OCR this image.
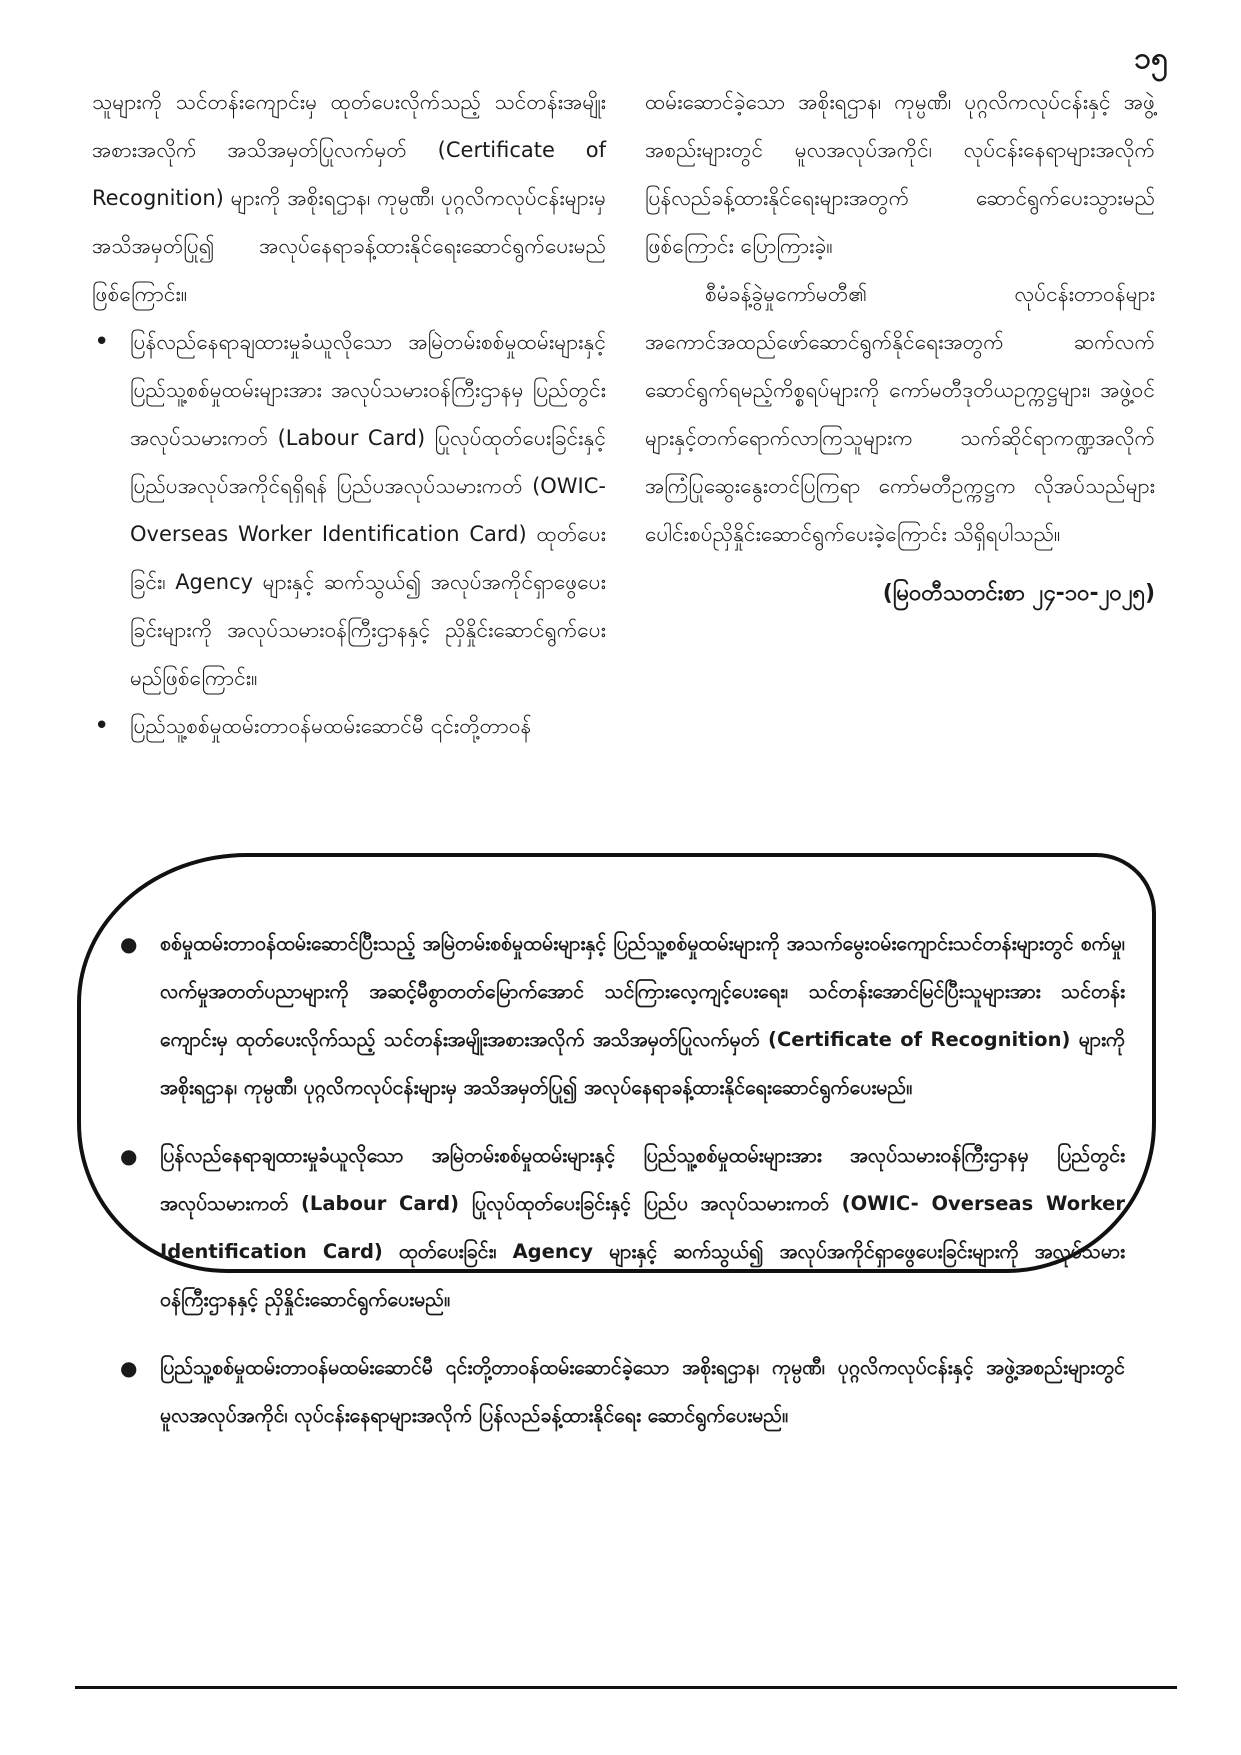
၁၅

သူများကို သင်တန်းကျောင်းမှ ထုတ်ပေးလိုက်သည့် သင်တန်းအမျိုးအစားအလိုက် အသိအမှတ်ပြုလက်မှတ် (Certificate of Recognition) များကို အစိုးရဌာန၊ ကုမ္ပဏီ၊ ပုဂ္ဂလိကလုပ်ငန်းများမှ အသိအမှတ်ပြု၍ အလုပ်နေရာခန့်ထားနိုင်ရေးဆောင်ရွက်ပေးမည်ဖြစ်ကြောင်း။

• ပြန်လည်နေရာချထားမှုခံယူလိုသော အမြဲတမ်းစစ်မှုထမ်းများနှင့် ပြည်သူ့စစ်မှုထမ်းများအား အလုပ်သမားဝန်ကြီးဌာနမှ ပြည်တွင်းအလုပ်သမားကတ် (Labour Card) ပြုလုပ်ထုတ်ပေးခြင်းနှင့် ပြည်ပအလုပ်အကိုင်ရရှိရန် ပြည်ပအလုပ်သမားကတ် (OWIC- Overseas Worker Identification Card) ထုတ်ပေးခြင်း၊ Agency များနှင့် ဆက်သွယ်၍ အလုပ်အကိုင်ရှာဖွေပေးခြင်းများကို အလုပ်သမားဝန်ကြီးဌာနနှင့် ညှိနှိုင်းဆောင်ရွက်ပေးမည်ဖြစ်ကြောင်း။
• ပြည်သူ့စစ်မှုထမ်းတာဝန်မထမ်းဆောင်မီ ၎င်းတို့တာဝန်

ထမ်းဆောင်ခဲ့သော အစိုးရဌာန၊ ကုမ္ပဏီ၊ ပုဂ္ဂလိကလုပ်ငန်းနှင့် အဖွဲ့အစည်းများတွင် မူလအလုပ်အကိုင်၊ လုပ်ငန်းနေရာများအလိုက် ပြန်လည်ခန့်ထားနိုင်ရေးများအတွက် ဆောင်ရွက်ပေးသွားမည်ဖြစ်ကြောင်း ပြောကြားခဲ့။

စီမံခန့်ခွဲမှုကော်မတီ၏ လုပ်ငန်းတာဝန်များ အကောင်အထည်ဖော်ဆောင်ရွက်နိုင်ရေးအတွက် ဆက်လက်ဆောင်ရွက်ရမည့်ကိစ္စရပ်များကို ကော်မတီဒုတိယဥက္ကဋ္ဌများ၊ အဖွဲ့ဝင်များနှင့်တက်ရောက်လာကြသူများက သက်ဆိုင်ရာကဏ္ဍအလိုက် အကြံပြုဆွေးနွေးတင်ပြကြရာ ကော်မတီဥက္ကဋ္ဌက လိုအပ်သည်များ ပေါင်းစပ်ညှိနှိုင်းဆောင်ရွက်ပေးခဲ့ကြောင်း သိရှိရပါသည်။

(မြဝတီသတင်းစာ ၂၄-၁၀-၂၀၂၅)
● စစ်မှုထမ်းတာဝန်ထမ်းဆောင်ပြီးသည့် အမြဲတမ်းစစ်မှုထမ်းများနှင့် ပြည်သူ့စစ်မှုထမ်းများကို အသက်မွေးဝမ်းကျောင်းသင်တန်းများတွင် စက်မှု၊ လက်မှုအတတ်ပညာများကို အဆင့်မီစွာတတ်မြောက်အောင် သင်ကြားလေ့ကျင့်ပေးရေး၊ သင်တန်းအောင်မြင်ပြီးသူများအား သင်တန်းကျောင်းမှ ထုတ်ပေးလိုက်သည့် သင်တန်းအမျိုးအစားအလိုက် အသိအမှတ်ပြုလက်မှတ် (Certificate of Recognition) များကို အစိုးရဌာန၊ ကုမ္ပဏီ၊ ပုဂ္ဂလိကလုပ်ငန်းများမှ အသိအမှတ်ပြု၍ အလုပ်နေရာခန့်ထားနိုင်ရေးဆောင်ရွက်ပေးမည်။
● ပြန်လည်နေရာချထားမှုခံယူလိုသော အမြဲတမ်းစစ်မှုထမ်းများနှင့် ပြည်သူ့စစ်မှုထမ်းများအား အလုပ်သမားဝန်ကြီးဌာနမှ ပြည်တွင်းအလုပ်သမားကတ် (Labour Card) ပြုလုပ်ထုတ်ပေးခြင်းနှင့် ပြည်ပ အလုပ်သမားကတ် (OWIC- Overseas Worker Identification Card) ထုတ်ပေးခြင်း၊ Agency များနှင့် ဆက်သွယ်၍ အလုပ်အကိုင်ရှာဖွေပေးခြင်းများကို အလုပ်သမားဝန်ကြီးဌာနနှင့် ညှိနှိုင်းဆောင်ရွက်ပေးမည်။
● ပြည်သူ့စစ်မှုထမ်းတာဝန်မထမ်းဆောင်မီ ၎င်းတို့တာဝန်ထမ်းဆောင်ခဲ့သော အစိုးရဌာန၊ ကုမ္ပဏီ၊ ပုဂ္ဂလိကလုပ်ငန်းနှင့် အဖွဲ့အစည်းများတွင် မူလအလုပ်အကိုင်၊ လုပ်ငန်းနေရာများအလိုက် ပြန်လည်ခန့်ထားနိုင်ရေး ဆောင်ရွက်ပေးမည်။
